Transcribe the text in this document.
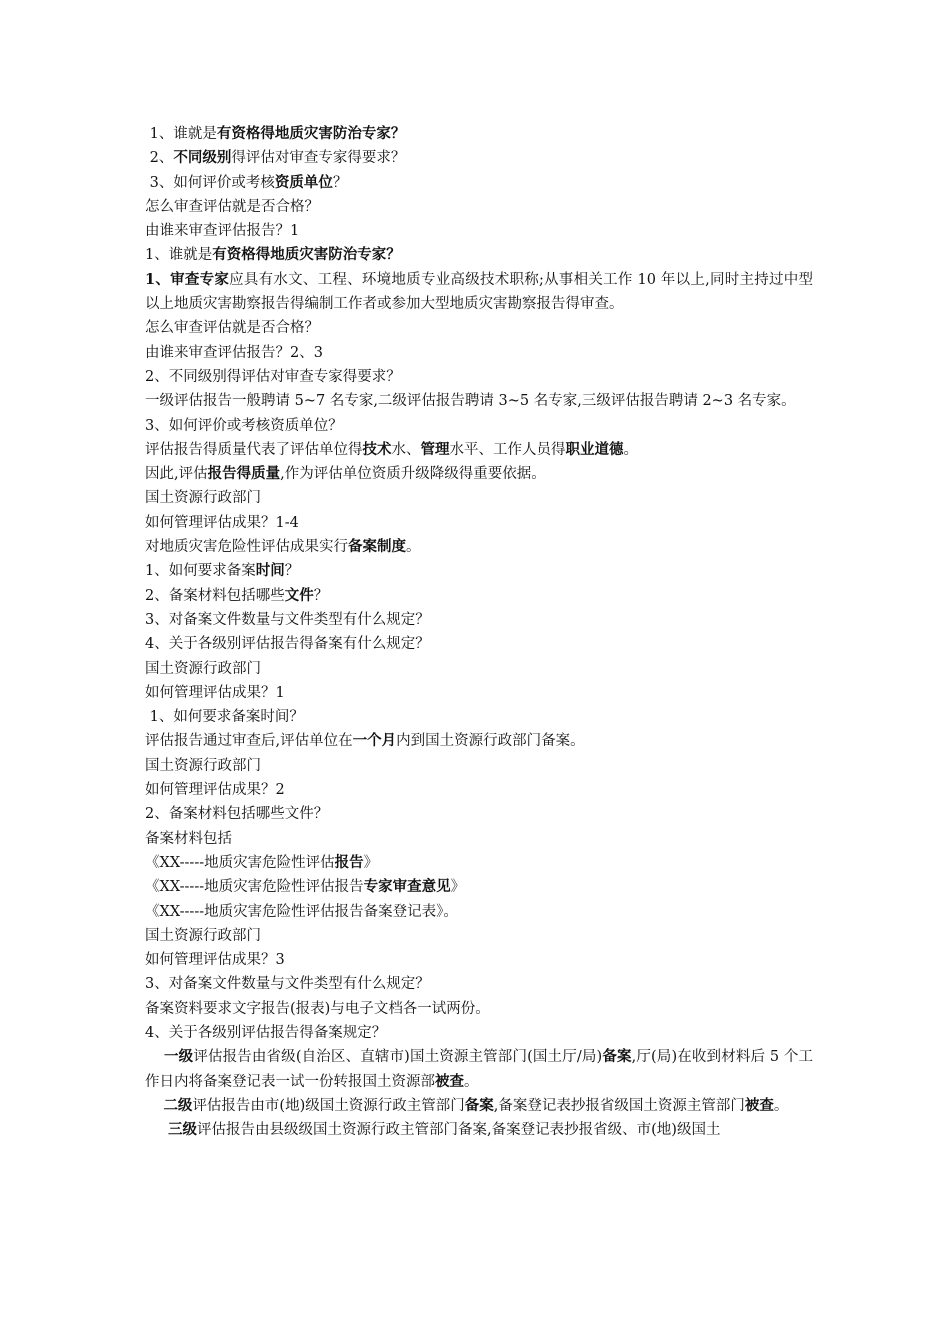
1、谁就是有资格得地质灾害防治专家？

2、不同级别得评估对审查专家得要求？

3、如何评价或考核资质单位？

怎么审查评估就是否合格？

由谁来审查评估报告？1

1、谁就是有资格得地质灾害防治专家？

1、审查专家应具有水文、工程、环境地质专业高级技术职称;从事相关工作 10 年以上,同时主持过中型以上地质灾害勘察报告得编制工作者或参加大型地质灾害勘察报告得审查。

怎么审查评估就是否合格？

由谁来审查评估报告？2、3

2、不同级别得评估对审查专家得要求？

一级评估报告一般聘请 5~7 名专家,二级评估报告聘请 3~5 名专家,三级评估报告聘请 2~3 名专家。

3、如何评价或考核资质单位？

评估报告得质量代表了评估单位得技术水、管理水平、工作人员得职业道德。

因此,评估报告得质量,作为评估单位资质升级降级得重要依据。

国土资源行政部门

如何管理评估成果？1-4

对地质灾害危险性评估成果实行备案制度。

1、如何要求备案时间？

2、备案材料包括哪些文件？

3、对备案文件数量与文件类型有什么规定？

4、关于各级别评估报告得备案有什么规定？

国土资源行政部门

如何管理评估成果？1

1、如何要求备案时间？

评估报告通过审查后,评估单位在一个月内到国土资源行政部门备案。

国土资源行政部门

如何管理评估成果？2

2、备案材料包括哪些文件？

备案材料包括

《XX-----地质灾害危险性评估报告》

《XX-----地质灾害危险性评估报告专家审查意见》

《XX-----地质灾害危险性评估报告备案登记表》。

国土资源行政部门

如何管理评估成果？3

3、对备案文件数量与文件类型有什么规定？

备案资料要求文字报告(报表)与电子文档各一试两份。

4、关于各级别评估报告得备案规定？

一级评估报告由省级(自治区、直辖市)国土资源主管部门(国土厅/局)备案,厅(局)在收到材料后 5 个工作日内将备案登记表一试一份转报国土资源部被查。

二级评估报告由市(地)级国土资源行政主管部门备案,备案登记表抄报省级国土资源主管部门被查。

三级评估报告由县级级国土资源行政主管部门备案,备案登记表抄报省级、市(地)级国土
